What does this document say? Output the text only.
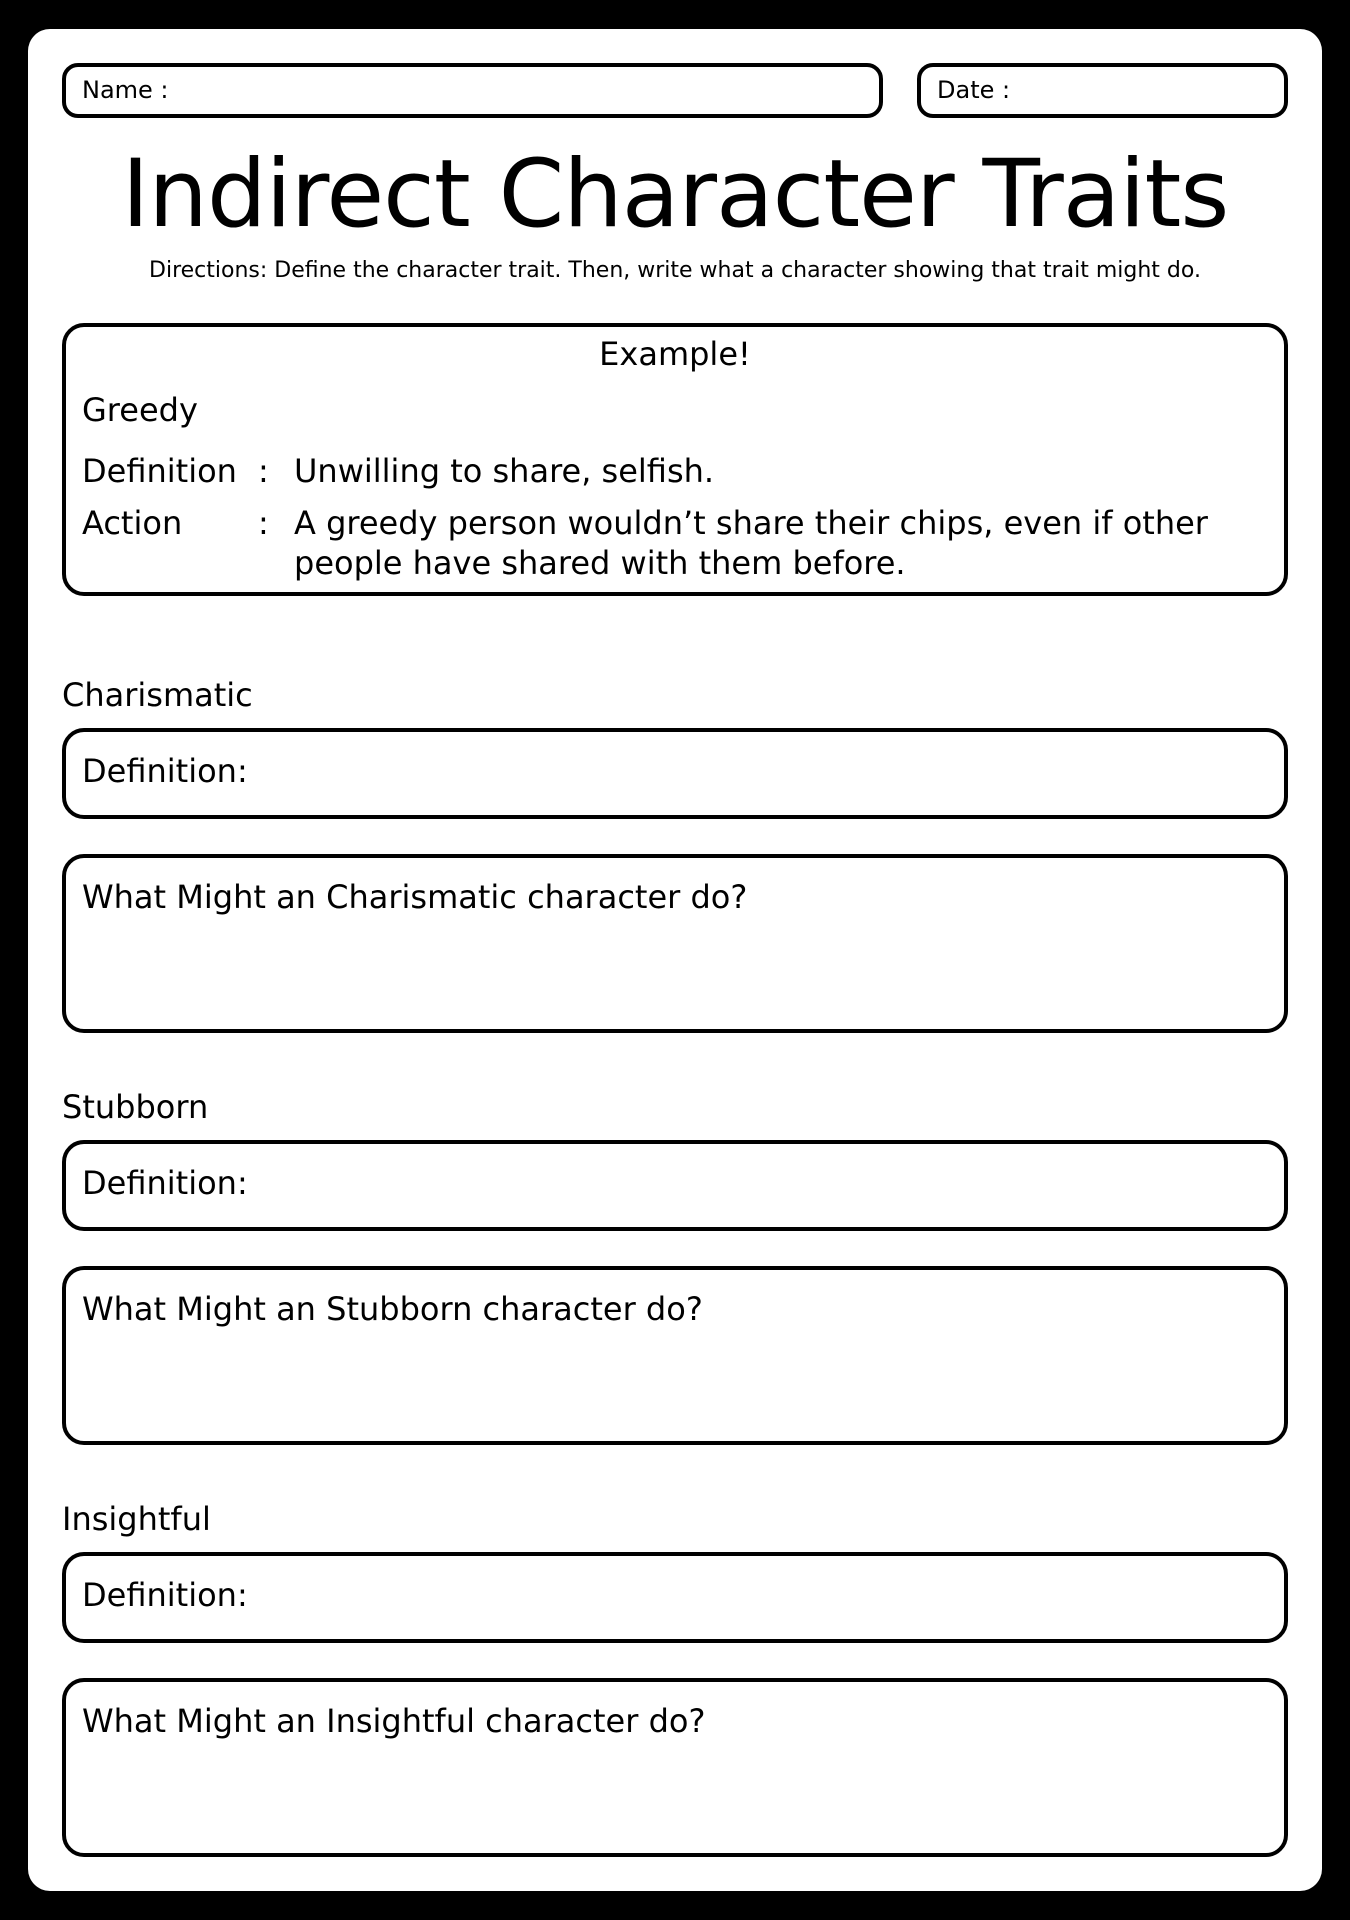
Name :	Date :
Indirect Character Traits
Directions: Define the character trait. Then, write what a character showing that trait might do.
Example!
Greedy
Definition : Unwilling to share, selfish.
Action : A greedy person wouldn’t share their chips, even if other people have shared with them before.
Charismatic
Definition:
What Might an Charismatic character do?
Stubborn
Definition:
What Might an Stubborn character do?
Insightful
Definition:
What Might an Insightful character do?
